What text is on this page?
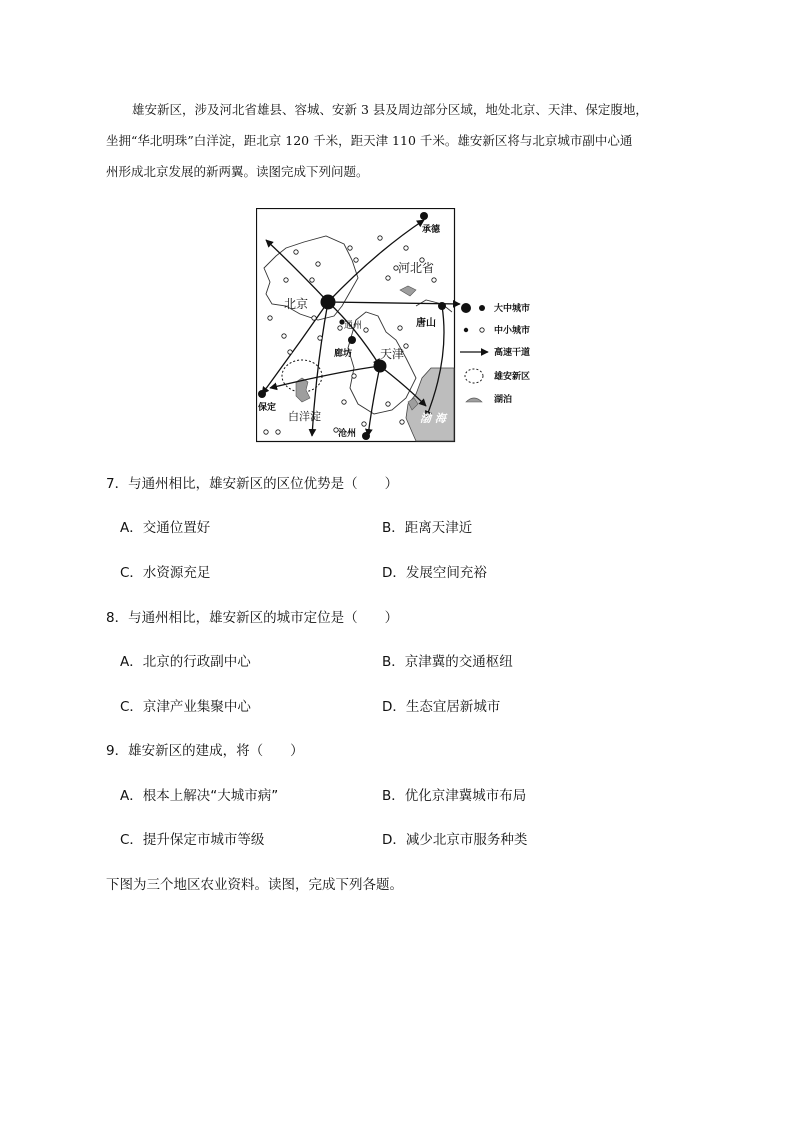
雄安新区，涉及河北省雄县、容城、安新 3 县及周边部分区域，地处北京、天津、保定腹地，

坐拥“华北明珠”白洋淀，距北京 120 千米，距天津 110 千米。雄安新区将与北京城市副中心通

州形成北京发展的新两翼。读图完成下列问题。

承德
河北省
北京
通州
廊坊 天津
唐山
保定
白洋淀
沧州
渤 海
大中城市
中小城市
高速干道
雄安新区
湖泊
7．与通州相比，雄安新区的区位优势是（　　）
A．交通位置好	B．距离天津近
C．水资源充足	D．发展空间充裕
8．与通州相比，雄安新区的城市定位是（　　）
A．北京的行政副中心	B．京津冀的交通枢纽
C．京津产业集聚中心	D．生态宜居新城市
9．雄安新区的建成，将（　　）
A．根本上解决“大城市病”	B．优化京津冀城市布局
C．提升保定市城市等级	D．减少北京市服务种类
下图为三个地区农业资料。读图，完成下列各题。
